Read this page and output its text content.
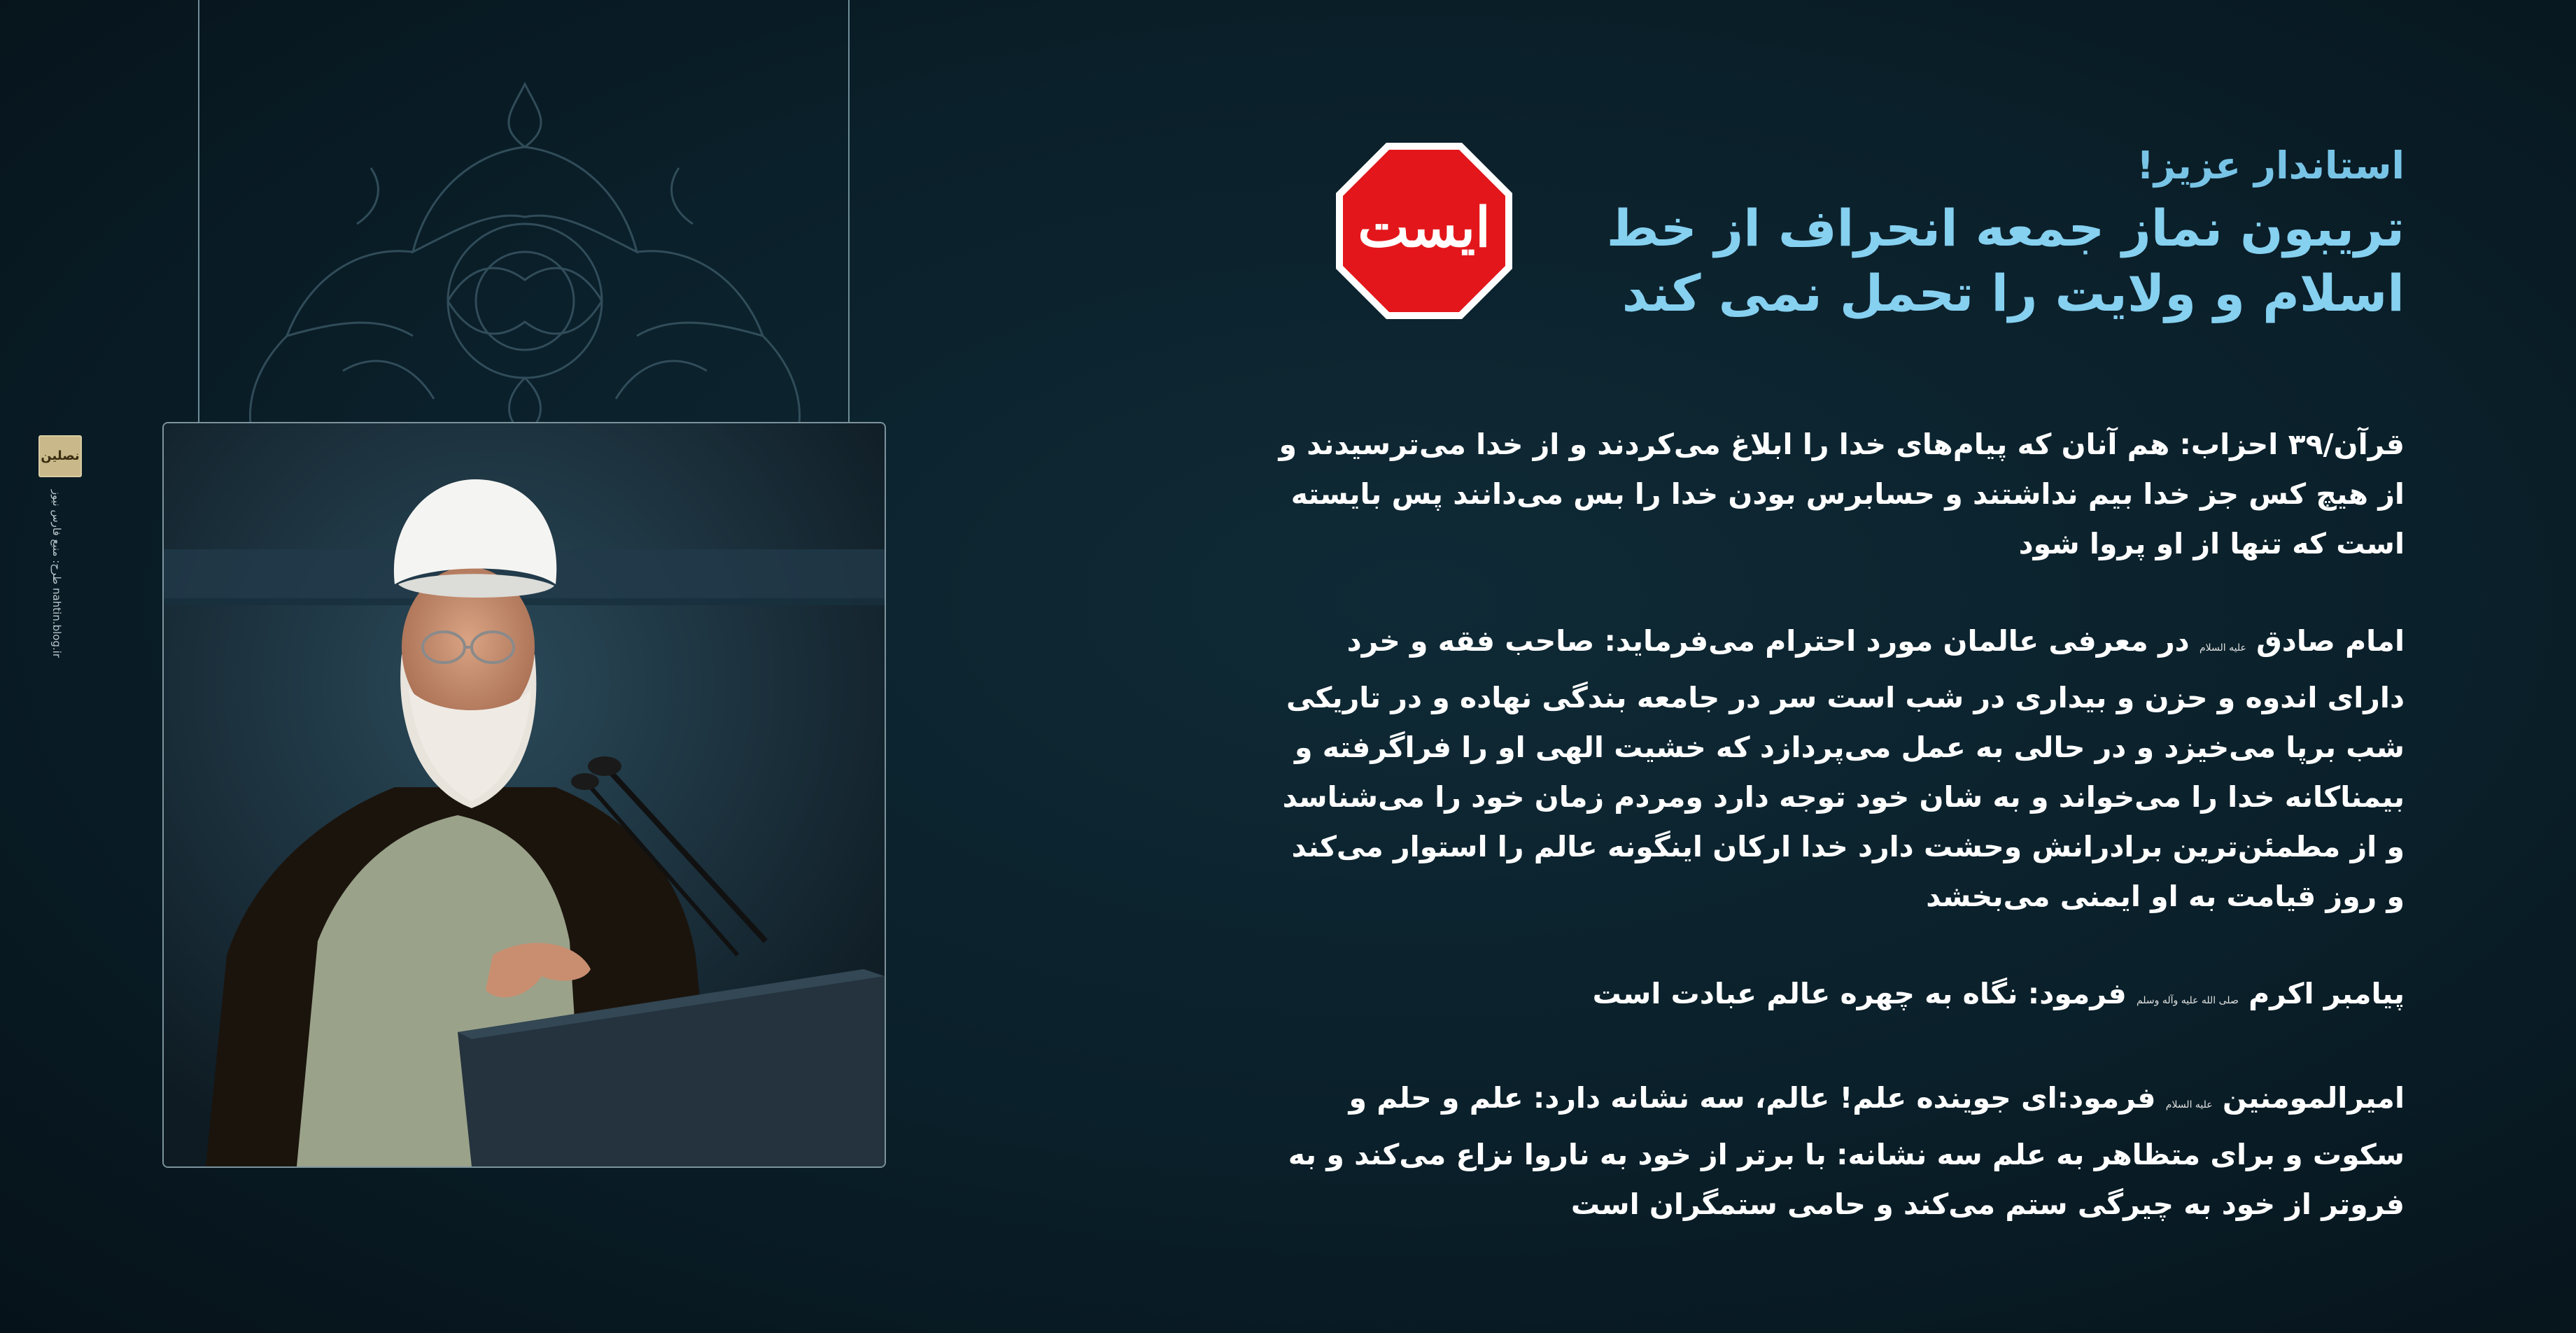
نصلین
nahtin.blog.ir طرح: منبع فارس نیوز
ایست

استاندار عزیز!

تریبون نماز جمعه انحراف از خط

اسلام و ولایت را تحمل نمی کند

قرآن/۳۹ احزاب: هم آنان که پیام‌های خدا را ابلاغ می‌کردند و از خدا می‌ترسیدند و از هیچ کس جز خدا بیم نداشتند و حسابرس بودن خدا را بس می‌دانند پس بایسته است که تنها از او پروا شود

امام صادق علیه السلام در معرفی عالمان مورد احترام می‌فرماید: صاحب فقه و خرد دارای اندوه و حزن و بیداری در شب است سر در جامعه بندگی نهاده و در تاریکی شب برپا می‌خیزد و در حالی به عمل می‌پردازد که خشیت الهی او را فراگرفته و بیمناکانه خدا را می‌خواند و به شان خود توجه دارد ومردم زمان خود را می‌شناسد و از مطمئن‌ترین برادرانش وحشت دارد خدا ارکان اینگونه عالم را استوار می‌کند و روز قیامت به او ایمنی می‌بخشد

پیامبر اکرم صلی الله علیه وآله وسلم فرمود: نگاه به چهره عالم عبادت است

امیرالمومنین علیه السلام فرمود:ای جوینده علم! عالم، سه نشانه دارد: علم و حلم و سکوت و برای متظاهر به علم سه نشانه: با برتر از خود به ناروا نزاع می‌کند و به فروتر از خود به چیرگی ستم می‌کند و حامی ستمگران است
